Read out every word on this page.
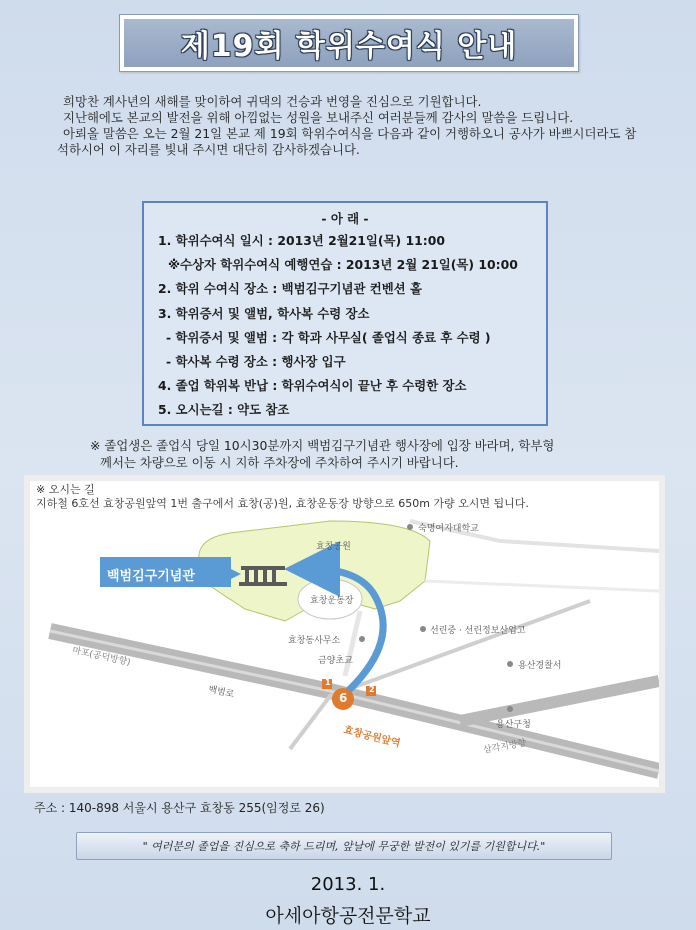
제19회 학위수여식 안내

희망찬 계사년의 새해를 맞이하여 귀댁의 건승과 번영을 진심으로 기원합니다.

지난해에도 본교의 발전을 위해 아낌없는 성원을 보내주신 여러분들께 감사의 말씀을 드립니다.

아뢰올 말씀은 오는 2월 21일 본교 제 19회 학위수여식을 다음과 같이 거행하오니 공사가 바쁘시더라도 참석하시어 이 자리를 빛내 주시면 대단히 감사하겠습니다.

- 아 래 -
1. 학위수여식 일시 : 2013년 2월21일(목) 11:00
※수상자 학위수여식 예행연습 : 2013년 2월 21일(목) 10:00
2. 학위 수여식 장소 : 백범김구기념관 컨벤션 홀
3. 학위증서 및 앨범, 학사복 수령 장소
- 학위증서 및 앨범 : 각 학과 사무실( 졸업식 종료 후 수령 )
- 학사복 수령 장소 : 행사장 입구
4. 졸업 학위복 반납 : 학위수여식이 끝난 후 수령한 장소
5. 오시는길 : 약도 참조

※ 졸업생은 졸업식 당일 10시30분까지 백범김구기념관 행사장에 입장 바라며, 학부형

께서는 차량으로 이동 시 지하 주차장에 주차하여 주시기 바랍니다.

※ 오시는 길
지하철 6호선 효창공원앞역 1번 출구에서 효창(공)원, 효창운동장 방향으로 650m 가량 오시면 됩니다.
백범김구기념관
효창공원
효창운동장
숙명여자대학교
선린중 · 선린정보산업고
효창동사무소
금양초교	용산경찰서
마포(공덕방향)
백범로
효창공원앞역	용산구청
삼각지방향
6
1
2
주소 : 140-898 서울시 용산구 효창동 255(임정로 26)
" 여러분의 졸업을 진심으로 축하 드리며, 앞날에 무궁한 발전이 있기를 기원합니다."
2013. 1.
아세아항공전문학교
